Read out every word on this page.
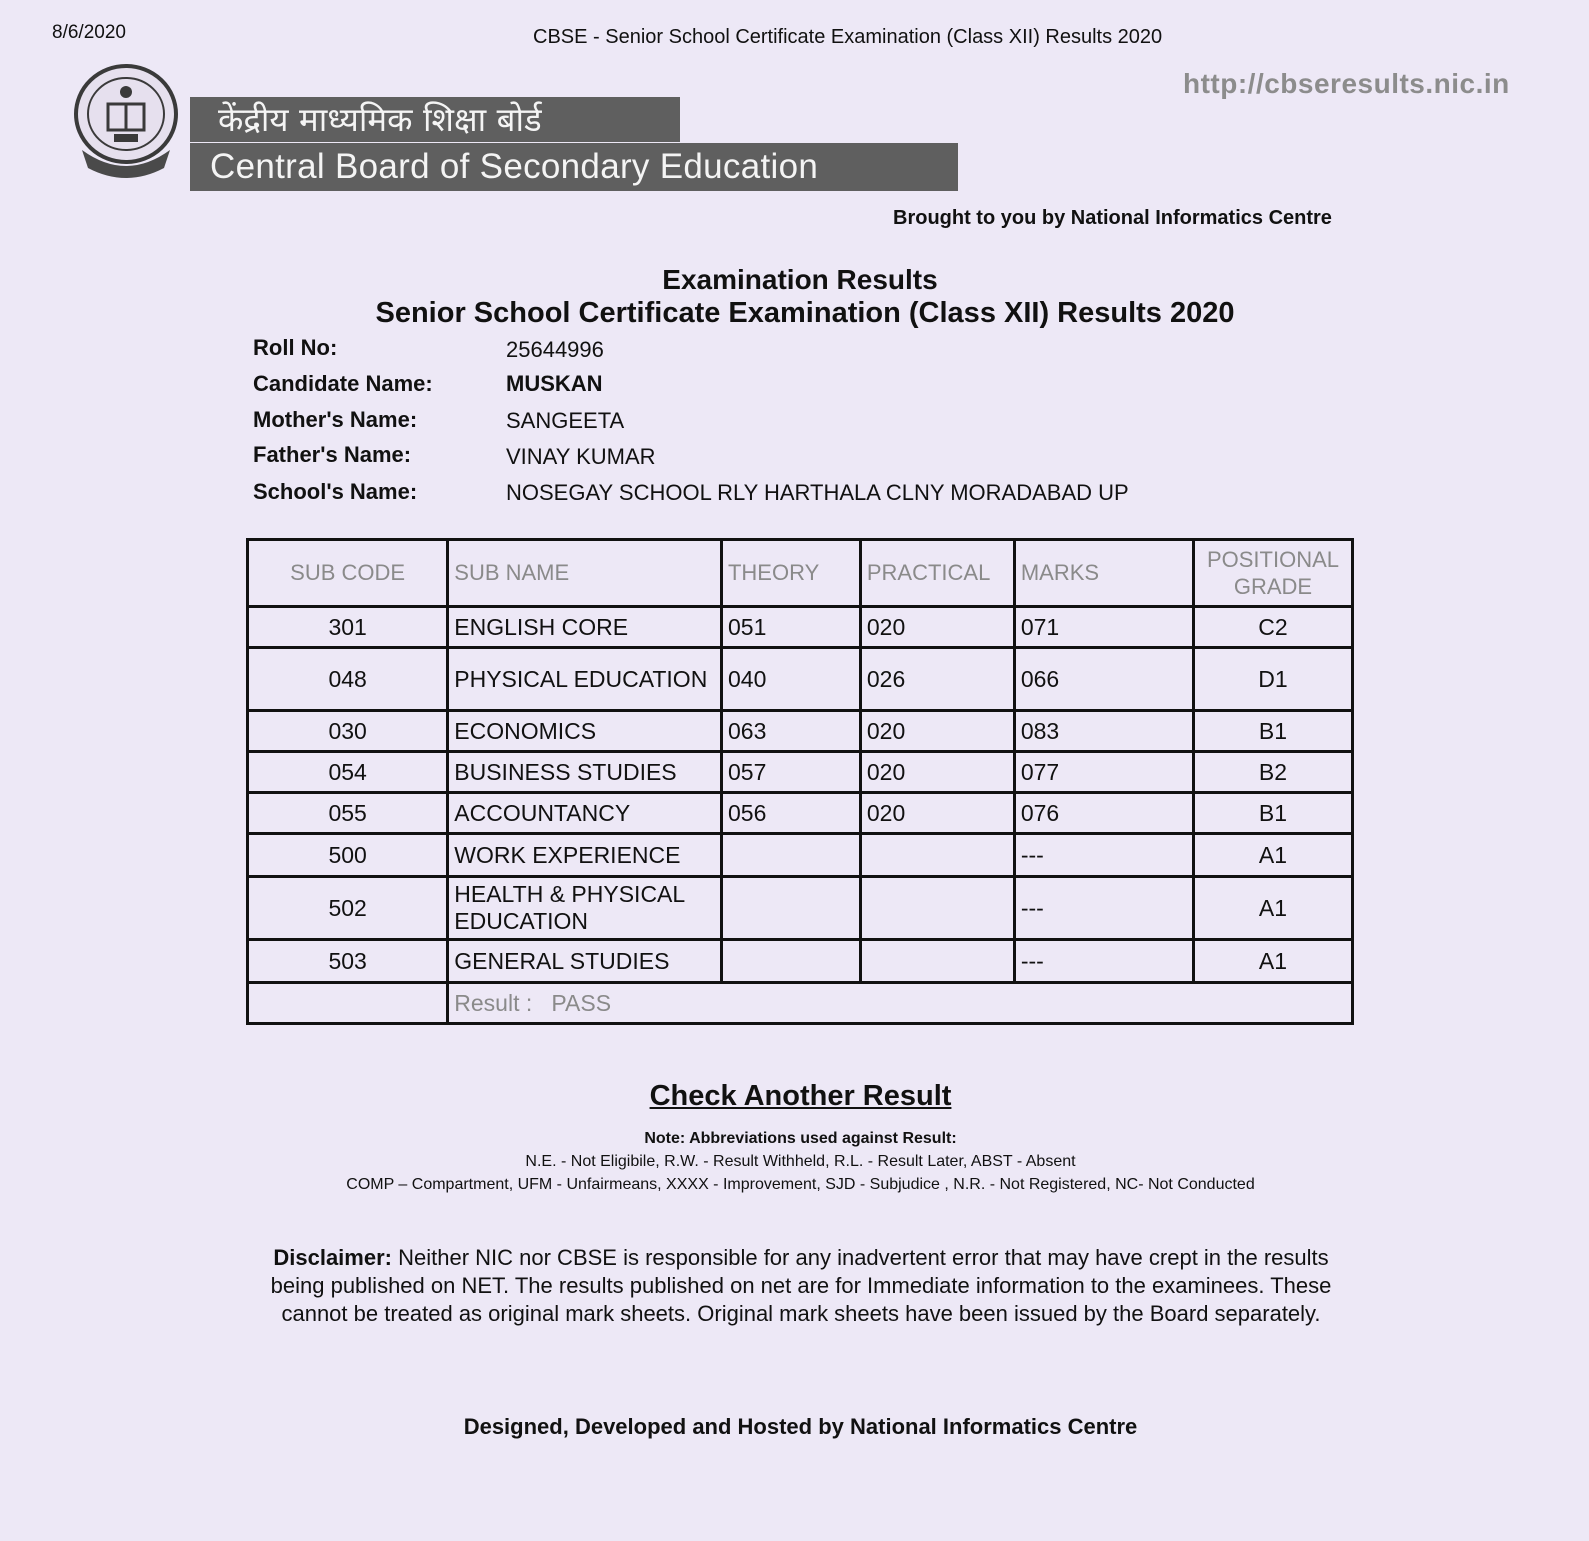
8/6/2020	CBSE - Senior School Certificate Examination (Class XII) Results 2020
http://cbseresults.nic.in
केंद्रीय माध्यमिक शिक्षा बोर्ड
Central Board of Secondary Education
Brought to you by National Informatics Centre
Examination Results
Senior School Certificate Examination (Class XII) Results 2020
Roll No:	25644996
Candidate Name:	MUSKAN
Mother's Name:	SANGEETA
Father's Name:	VINAY KUMAR
School's Name:	NOSEGAY SCHOOL RLY HARTHALA CLNY MORADABAD UP
SUB CODE	SUB NAME	THEORY	PRACTICAL	MARKS	POSITIONAL
GRADE
301	ENGLISH CORE	051	020	071	C2
048	PHYSICAL EDUCATION	040	026	066	D1
030	ECONOMICS	063	020	083	B1
054	BUSINESS STUDIES	057	020	077	B2
055	ACCOUNTANCY	056	020	076	B1
500	WORK EXPERIENCE			---	A1
502	HEALTH & PHYSICAL EDUCATION			---	A1
503	GENERAL STUDIES			---	A1
	Result : PASS				
Check Another Result
Note: Abbreviations used against Result:
N.E. - Not Eligibile, R.W. - Result Withheld, R.L. - Result Later, ABST - Absent
COMP – Compartment, UFM - Unfairmeans, XXXX - Improvement, SJD - Subjudice , N.R. - Not Registered, NC- Not Conducted
Disclaimer: Neither NIC nor CBSE is responsible for any inadvertent error that may have crept in the results being published on NET. The results published on net are for Immediate information to the examinees. These cannot be treated as original mark sheets. Original mark sheets have been issued by the Board separately.
Designed, Developed and Hosted by National Informatics Centre
